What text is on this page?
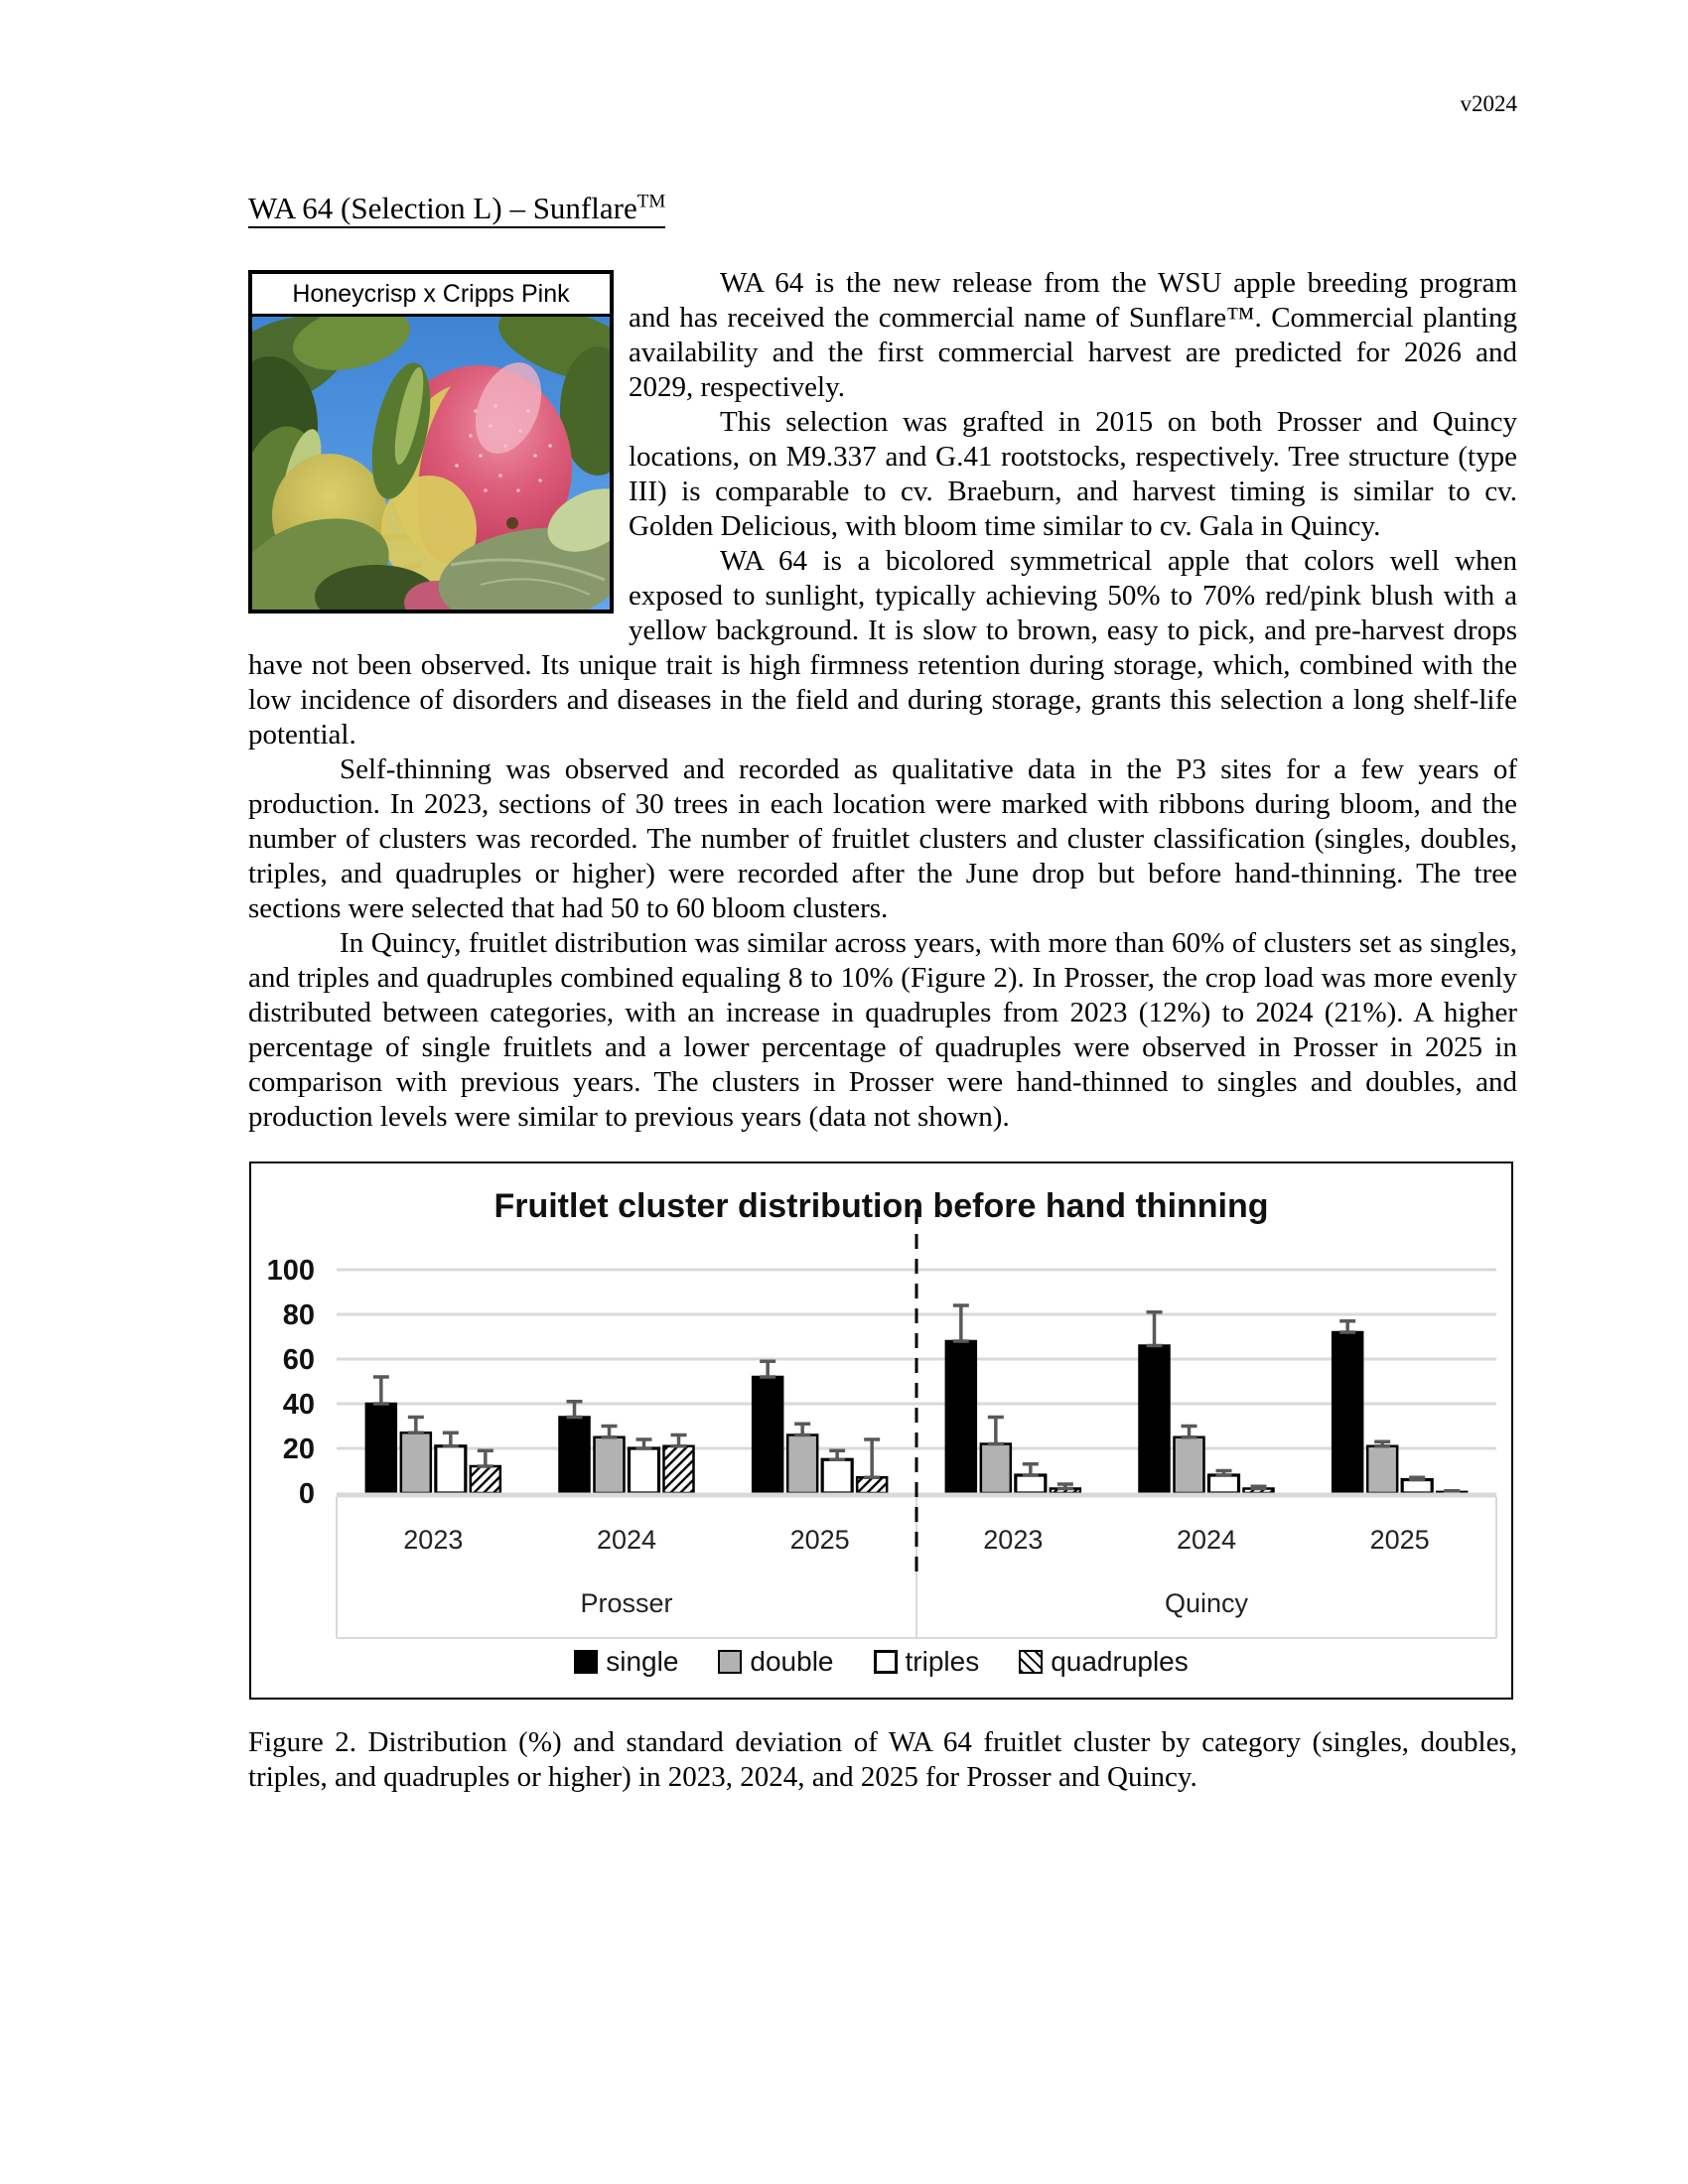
v2024
WA 64 (Selection L) – Sunflare™
Honeycrisp x Cripps Pink	WA 64 is the new release from the WSU apple breeding program and has received the commercial name of Sunflare™. Commercial planting availability and the first commercial harvest are predicted for 2026 and 2029, respectively.

This selection was grafted in 2015 on both Prosser and Quincy locations, on M9.337 and G.41 rootstocks, respectively. Tree structure (type III) is comparable to cv. Braeburn, and harvest timing is similar to cv. Golden Delicious, with bloom time similar to cv. Gala in Quincy.

WA 64 is a bicolored symmetrical apple that colors well when exposed to sunlight, typically achieving 50% to 70% red/pink blush with a yellow background. It is slow to brown, easy to pick, and pre-harvest drops have not been observed. Its unique trait is high firmness retention during storage, which, combined with the low incidence of disorders and diseases in the field and during storage, grants this selection a long shelf-life potential.

Self-thinning was observed and recorded as qualitative data in the P3 sites for a few years of production. In 2023, sections of 30 trees in each location were marked with ribbons during bloom, and the number of clusters was recorded. The number of fruitlet clusters and cluster classification (singles, doubles, triples, and quadruples or higher) were recorded after the June drop but before hand-thinning. The tree sections were selected that had 50 to 60 bloom clusters.

In Quincy, fruitlet distribution was similar across years, with more than 60% of clusters set as singles, and triples and quadruples combined equaling 8 to 10% (Figure 2). In Prosser, the crop load was more evenly distributed between categories, with an increase in quadruples from 2023 (12%) to 2024 (21%). A higher percentage of single fruitlets and a lower percentage of quadruples were observed in Prosser in 2025 in comparison with previous years. The clusters in Prosser were hand-thinned to singles and doubles, and production levels were similar to previous years (data not shown).

0
20
40
60
80
100
2023	2024	2025	2023	2024	2025
Prosser	Quincy
Fruitlet cluster distribution before hand thinning
single	double	triples	quadruples
Figure 2. Distribution (%) and standard deviation of WA 64 fruitlet cluster by category (singles, doubles, triples, and quadruples or higher) in 2023, 2024, and 2025 for Prosser and Quincy.
